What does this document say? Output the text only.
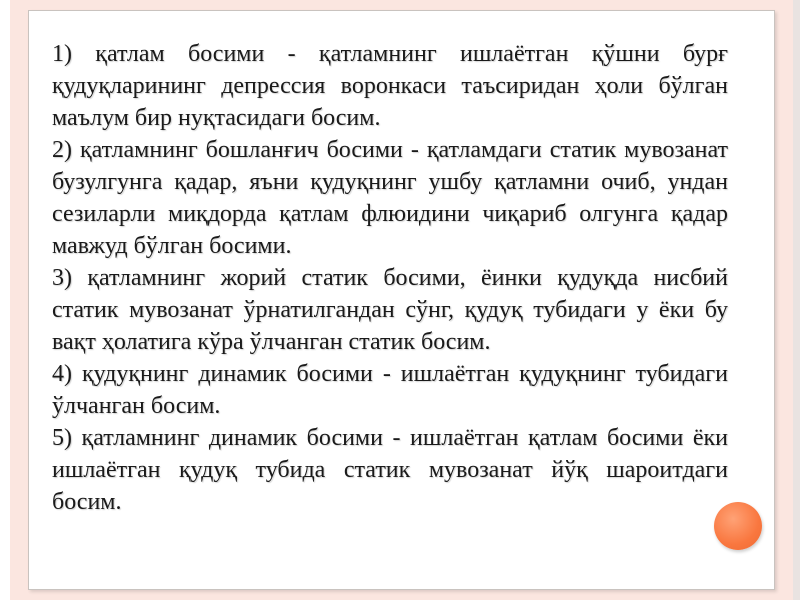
1) қатлам босими - қатламнинг ишлаётган қўшни бурғ қудуқларининг депрессия воронкаси таъсиридан ҳоли бўлган маълум бир нуқтасидаги босим.

2) қатламнинг бошланғич босими - қатламдаги статик мувозанат бузулгунга қадар, яъни қудуқнинг ушбу қатламни очиб, ундан сезиларли миқдорда қатлам флюидини чиқариб олгунга қадар мавжуд бўлган босими.

3) қатламнинг жорий статик босими, ёинки қудуқда нисбий статик мувозанат ўрнатилгандан сўнг, қудуқ тубидаги у ёки бу вақт ҳолатига кўра ўлчанган статик босим.

4) қудуқнинг динамик босими - ишлаётган қудуқнинг тубидаги ўлчанган босим.

5) қатламнинг динамик босими - ишлаётган қатлам босими ёки ишлаётган қудуқ тубида статик мувозанат йўқ шароитдаги босим.
